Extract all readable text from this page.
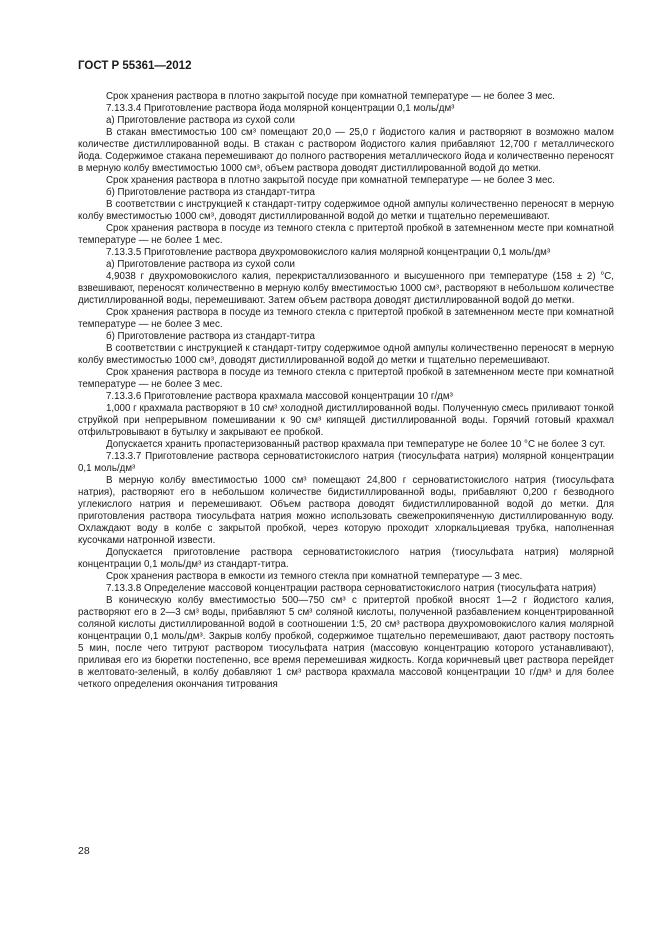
ГОСТ Р 55361—2012

Срок хранения раствора в плотно закрытой посуде при комнатной температуре — не более 3 мес.

7.13.3.4 Приготовление раствора йода молярной концентрации 0,1 моль/дм³

а) Приготовление раствора из сухой соли

В стакан вместимостью 100 см³ помещают 20,0 — 25,0 г йодистого калия и растворяют в возможно малом количестве дистиллированной воды. В стакан с раствором йодистого калия прибавляют 12,700 г металлического йода. Содержимое стакана перемешивают до полного растворения металлического йода и количественно переносят в мерную колбу вместимостью 1000 см³, объем раствора доводят дистиллированной водой до метки.

Срок хранения раствора в плотно закрытой посуде при комнатной температуре — не более 3 мес.

б) Приготовление раствора из стандарт-титра

В соответствии с инструкцией к стандарт-титру содержимое одной ампулы количественно переносят в мерную колбу вместимостью 1000 см³, доводят дистиллированной водой до метки и тщательно перемешивают.

Срок хранения раствора в посуде из темного стекла с притертой пробкой в затемненном месте при комнатной температуре — не более 1 мес.

7.13.3.5 Приготовление раствора двухромовокислого калия молярной концентрации 0,1 моль/дм³

а) Приготовление раствора из сухой соли

4,9038 г двухромовокислого калия, перекристаллизованного и высушенного при температуре (158 ± 2) °С, взвешивают, переносят количественно в мерную колбу вместимостью 1000 см³, растворяют в небольшом количестве дистиллированной воды, перемешивают. Затем объем раствора доводят дистиллированной водой до метки.

Срок хранения раствора в посуде из темного стекла с притертой пробкой в затемненном месте при комнатной температуре — не более 3 мес.

б) Приготовление раствора из стандарт-титра

В соответствии с инструкцией к стандарт-титру содержимое одной ампулы количественно переносят в мерную колбу вместимостью 1000 см³, доводят дистиллированной водой до метки и тщательно перемешивают.

Срок хранения раствора в посуде из темного стекла с притертой пробкой в затемненном месте при комнатной температуре — не более 3 мес.

7.13.3.6 Приготовление раствора крахмала массовой концентрации 10 г/дм³

1,000 г крахмала растворяют в 10 см³ холодной дистиллированной воды. Полученную смесь приливают тонкой струйкой при непрерывном помешивании к 90 см³ кипящей дистиллированной воды. Горячий готовый крахмал отфильтровывают в бутылку и закрывают ее пробкой.

Допускается хранить пропастеризованный раствор крахмала при температуре не более 10 °С не более 3 сут.

7.13.3.7 Приготовление раствора серноватистокислого натрия (тиосульфата натрия) молярной концентрации 0,1 моль/дм³

В мерную колбу вместимостью 1000 см³ помещают 24,800 г серноватистокислого натрия (тиосульфата натрия), растворяют его в небольшом количестве бидистиллированной воды, прибавляют 0,200 г безводного углекислого натрия и перемешивают. Объем раствора доводят бидистиллированной водой до метки. Для приготовления раствора тиосульфата натрия можно использовать свежепрокипяченную дистиллированную воду. Охлаждают воду в колбе с закрытой пробкой, через которую проходит хлоркальциевая трубка, наполненная кусочками натронной извести.

Допускается приготовление раствора серноватистокислого натрия (тиосульфата натрия) молярной концентрации 0,1 моль/дм³ из стандарт-титра.

Срок хранения раствора в емкости из темного стекла при комнатной температуре — 3 мес.

7.13.3.8 Определение массовой концентрации раствора серноватистокислого натрия (тиосульфата натрия)

В коническую колбу вместимостью 500—750 см³ с притертой пробкой вносят 1—2 г йодистого калия, растворяют его в 2—3 см³ воды, прибавляют 5 см³ соляной кислоты, полученной разбавлением концентрированной соляной кислоты дистиллированной водой в соотношении 1:5, 20 см³ раствора двухромовокислого калия молярной концентрации 0,1 моль/дм³. Закрыв колбу пробкой, содержимое тщательно перемешивают, дают раствору постоять 5 мин, после чего титруют раствором тиосульфата натрия (массовую концентрацию которого устанавливают), приливая его из бюретки постепенно, все время перемешивая жидкость. Когда коричневый цвет раствора перейдет в желтовато-зеленый, в колбу добавляют 1 см³ раствора крахмала массовой концентрации 10 г/дм³ и для более четкого определения окончания титрования

28
